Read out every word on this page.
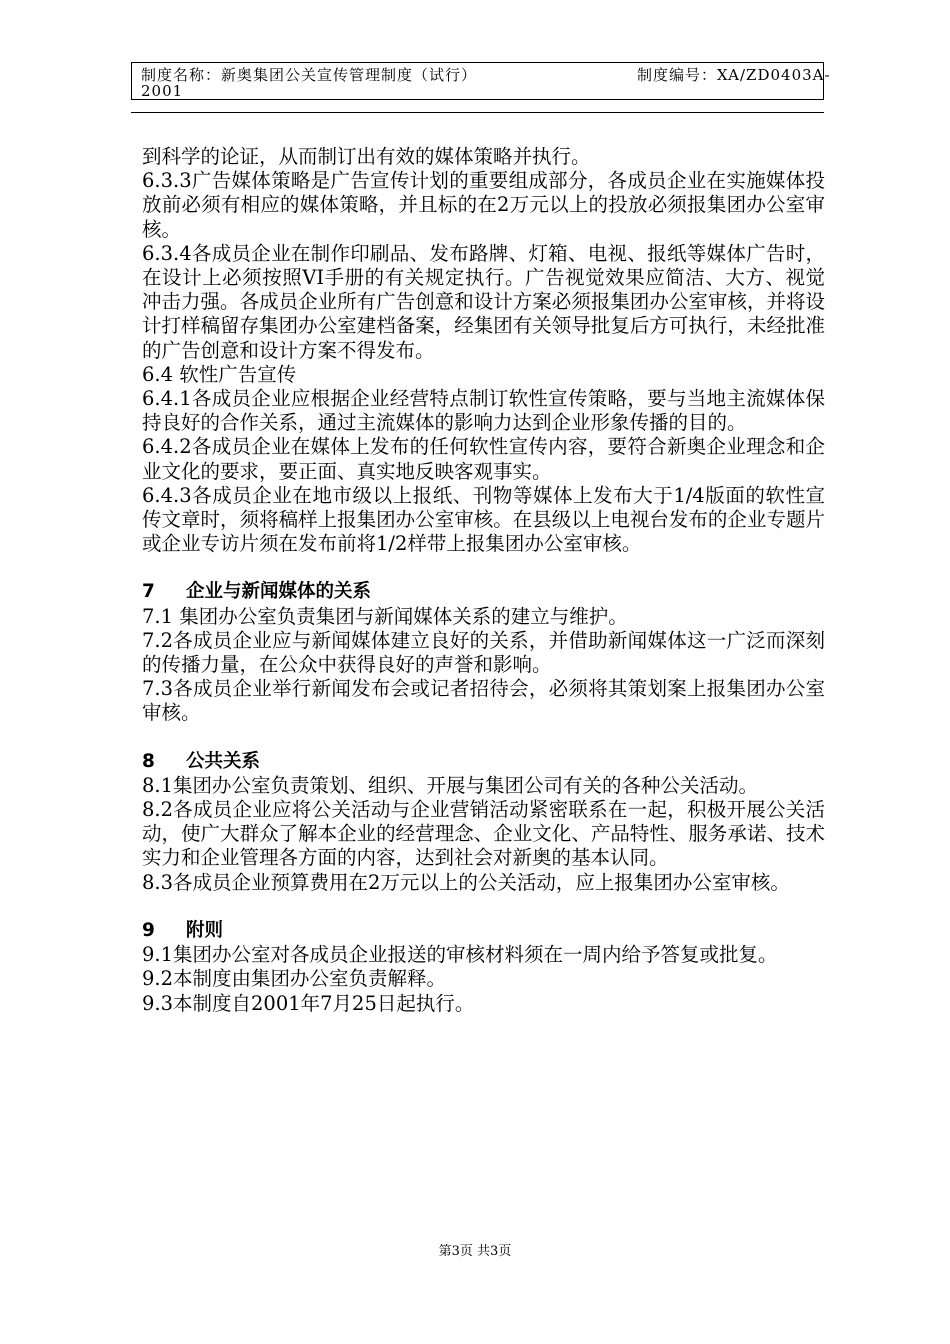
制度名称：新奥集团公关宣传管理制度（试行）	制度编号：XA/ZD0403A-
2001

到科学的论证，从而制订出有效的媒体策略并执行。

6.3.3广告媒体策略是广告宣传计划的重要组成部分，各成员企业在实施媒体投放前必须有相应的媒体策略，并且标的在2万元以上的投放必须报集团办公室审核。

6.3.4各成员企业在制作印刷品、发布路牌、灯箱、电视、报纸等媒体广告时，在设计上必须按照VI手册的有关规定执行。广告视觉效果应简洁、大方、视觉冲击力强。各成员企业所有广告创意和设计方案必须报集团办公室审核，并将设计打样稿留存集团办公室建档备案，经集团有关领导批复后方可执行，未经批准的广告创意和设计方案不得发布。

6.4 软性广告宣传

6.4.1各成员企业应根据企业经营特点制订软性宣传策略，要与当地主流媒体保持良好的合作关系，通过主流媒体的影响力达到企业形象传播的目的。

6.4.2各成员企业在媒体上发布的任何软性宣传内容，要符合新奥企业理念和企业文化的要求，要正面、真实地反映客观事实。

6.4.3各成员企业在地市级以上报纸、刊物等媒体上发布大于1/4版面的软性宣传文章时，须将稿样上报集团办公室审核。在县级以上电视台发布的企业专题片或企业专访片须在发布前将1/2样带上报集团办公室审核。

7 企业与新闻媒体的关系

7.1 集团办公室负责集团与新闻媒体关系的建立与维护。

7.2各成员企业应与新闻媒体建立良好的关系，并借助新闻媒体这一广泛而深刻的传播力量，在公众中获得良好的声誉和影响。

7.3各成员企业举行新闻发布会或记者招待会，必须将其策划案上报集团办公室审核。

8 公共关系

8.1集团办公室负责策划、组织、开展与集团公司有关的各种公关活动。

8.2各成员企业应将公关活动与企业营销活动紧密联系在一起，积极开展公关活动，使广大群众了解本企业的经营理念、企业文化、产品特性、服务承诺、技术实力和企业管理各方面的内容，达到社会对新奥的基本认同。

8.3各成员企业预算费用在2万元以上的公关活动，应上报集团办公室审核。

9 附则

9.1集团办公室对各成员企业报送的审核材料须在一周内给予答复或批复。

9.2本制度由集团办公室负责解释。

9.3本制度自2001年7月25日起执行。

第3页 共3页
